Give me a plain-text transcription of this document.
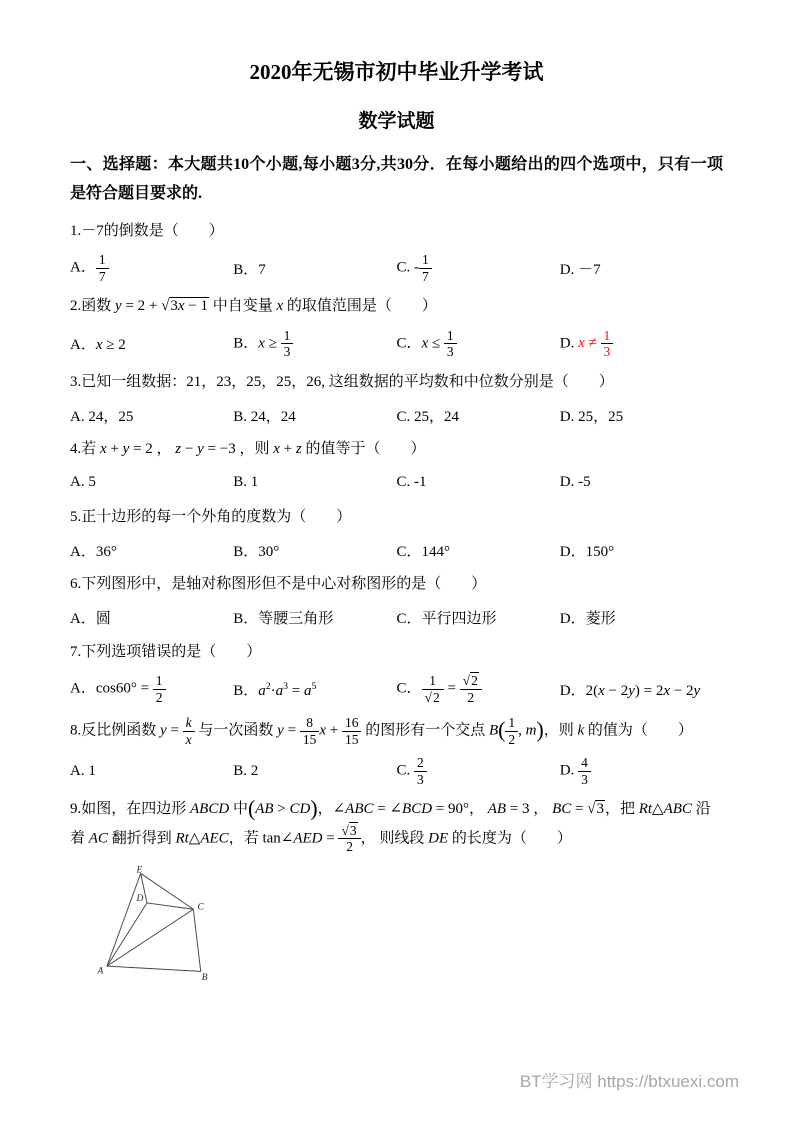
2020年无锡市初中毕业升学考试
数学试题
一、选择题：本大题共10个小题,每小题3分,共30分．在每小题给出的四个选项中，只有一项是符合题目要求的.

1.－7的倒数是（　　）

A． $\frac{1}{7}$	B．7	C. - $\frac{1}{7}$	D. －7

2.函数 y = 2 + √3x − 1 中自变量 x 的取值范围是（　　）

A．x ≥ 2	B．$x \ge \frac{1}{3}$	C．$x \le \frac{1}{3}$	D. $x \ne \frac{1}{3}$

3.已知一组数据：21，23，25，25，26, 这组数据的平均数和中位数分别是（　　）

A. 24，25	B. 24，24	C. 25，24	D. 25，25

4.若 x + y = 2 ， z − y = −3 ，则 x + z 的值等于（　　）

A. 5	B. 1	C. -1	D. -5

5.正十边形的每一个外角的度数为（　　）

A．36°	B．30°	C．144°	D．150°

6.下列图形中，是轴对称图形但不是中心对称图形的是（　　）

A．圆	B．等腰三角形	C．平行四边形	D．菱形

7.下列选项错误的是（　　）

A．$\cos 60^\circ = \frac{1}{2}$	B．$a^2\cdot a^3 = a^5$	C． $\frac{1}{√2} = \frac{√2}{2}$	D．2(x − 2y) = 2x − 2y

8.反比例函数 $y = \frac{k}{x}$ 与一次函数 $y = \frac{8}{15}$ $x + \frac{16}{15}$ 的图形有一个交点 $B( \frac{1}{2}$ , m)，则 k 的值为（　　）

A. 1	B. 2	C. $\frac{2}{3}$	D. $\frac{4}{3}$

9.如图，在四边形 ABCD 中(AB > CD)，∠ABC = ∠BCD = 90°， AB = 3 ， BC = √3，把 Rt△ABC 沿着 AC 翻折得到 Rt△AEC，若 tan∠AED = $\frac{√3}{2}$ ， 则线段 DE 的长度为（　　）

E
D
C
A
B
BT学习网 https://btxuexi.com
